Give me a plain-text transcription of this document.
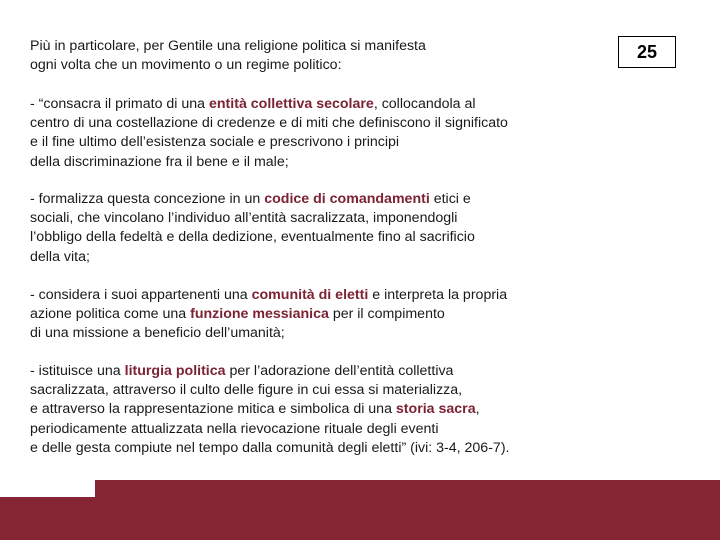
25
Più in particolare, per Gentile una religione politica si manifesta
ogni volta che un movimento o un regime politico:
- “consacra il primato di una entità collettiva secolare, collocandola al
centro di una costellazione di credenze e di miti che definiscono il significato
e il fine ultimo dell’esistenza sociale e prescrivono i principi
della discriminazione fra il bene e il male;
- formalizza questa concezione in un codice di comandamenti etici e
sociali, che vincolano l’individuo all’entità sacralizzata, imponendogli
l’obbligo della fedeltà e della dedizione, eventualmente fino al sacrificio
della vita;
- considera i suoi appartenenti una comunità di eletti e interpreta la propria
azione politica come una funzione messianica per il compimento
di una missione a beneficio dell’umanità;
- istituisce una liturgia politica per l’adorazione dell’entità collettiva
sacralizzata, attraverso il culto delle figure in cui essa si materializza,
e attraverso la rappresentazione mitica e simbolica di una storia sacra,
periodicamente attualizzata nella rievocazione rituale degli eventi
e delle gesta compiute nel tempo dalla comunità degli eletti” (ivi: 3-4, 206-7).
